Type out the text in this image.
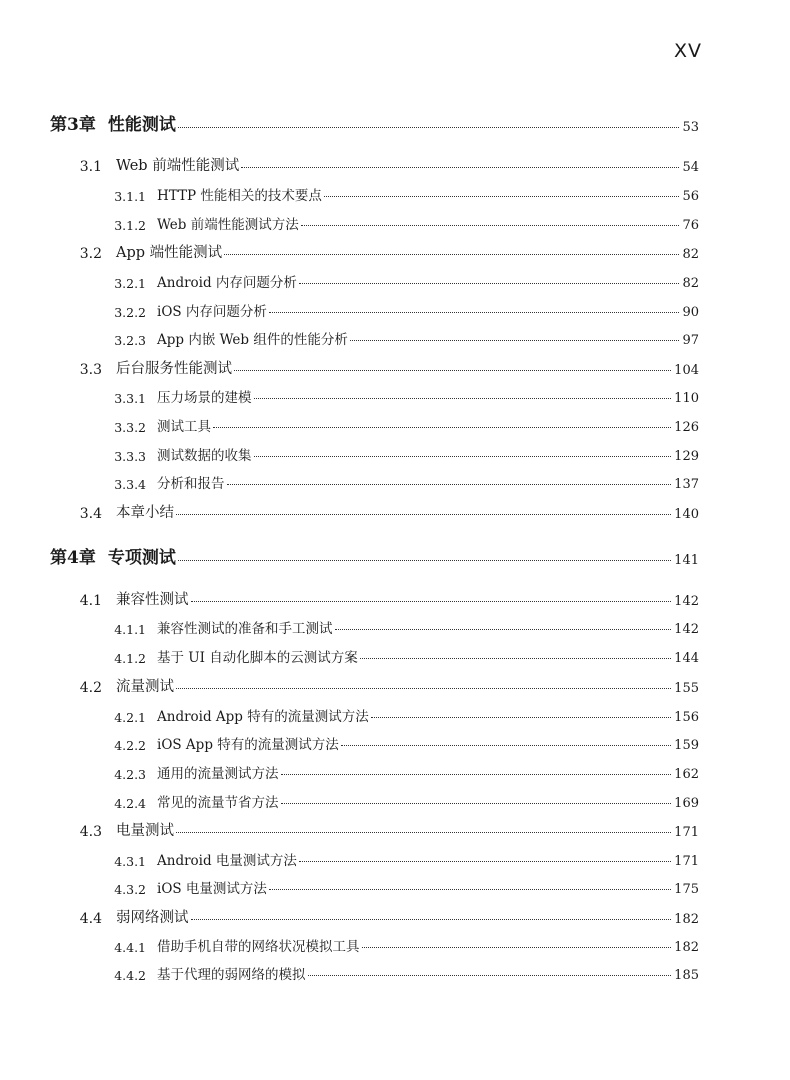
XV
第3章 性能测试	53
3.1 Web 前端性能测试	54
3.1.1 HTTP 性能相关的技术要点	56
3.1.2 Web 前端性能测试方法	76
3.2 App 端性能测试	82
3.2.1 Android 内存问题分析	82
3.2.2 iOS 内存问题分析	90
3.2.3 App 内嵌 Web 组件的性能分析	97
3.3 后台服务性能测试	104
3.3.1 压力场景的建模	110
3.3.2 测试工具	126
3.3.3 测试数据的收集	129
3.3.4 分析和报告	137
3.4 本章小结	140
第4章 专项测试	141
4.1 兼容性测试	142
4.1.1 兼容性测试的准备和手工测试	142
4.1.2 基于 UI 自动化脚本的云测试方案	144
4.2 流量测试	155
4.2.1 Android App 特有的流量测试方法	156
4.2.2 iOS App 特有的流量测试方法	159
4.2.3 通用的流量测试方法	162
4.2.4 常见的流量节省方法	169
4.3 电量测试	171
4.3.1 Android 电量测试方法	171
4.3.2 iOS 电量测试方法	175
4.4 弱网络测试	182
4.4.1 借助手机自带的网络状况模拟工具	182
4.4.2 基于代理的弱网络的模拟	185
